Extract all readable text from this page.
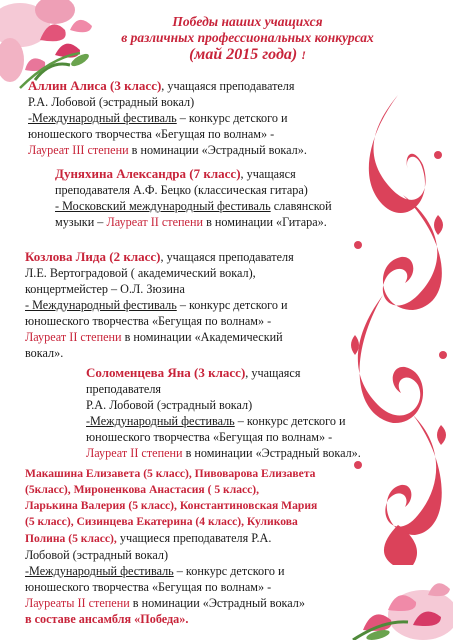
Победы наших учащихся
в различных профессиональных конкурсах
(май 2015 года) !
Аллин Алиса (3 класс), учащаяся преподавателя
Р.А. Лобовой (эстрадный вокал)
-Международный фестиваль – конкурс детского и
юношеского творчества «Бегущая по волнам» -
Лауреат III степени в номинации «Эстрадный вокал».
Дуняхина Александра (7 класс), учащаяся
преподавателя А.Ф. Бецко (классическая гитара)
- Московский международный фестиваль славянской
музыки – Лауреат II степени в номинации «Гитара».
Козлова Лида (2 класс), учащаяся преподавателя
Л.Е. Вертоградовой ( академический вокал),
концертмейстер – О.Л. Зюзина
- Международный фестиваль – конкурс детского и
юношеского творчества «Бегущая по волнам» -
Лауреат II степени в номинации «Академический
вокал».
Соломенцева Яна (3 класс), учащаяся
преподавателя
Р.А. Лобовой (эстрадный вокал)
-Международный фестиваль – конкурс детского и
юношеского творчества «Бегущая по волнам» -
Лауреат II степени в номинации «Эстрадный вокал».
Макашина Елизавета (5 класс), Пивоварова Елизавета
(5класс), Мироненкова Анастасия ( 5 класс),
Ларькина Валерия (5 класс), Константиновская Мария
(5 класс), Сизинцева Екатерина (4 класс), Куликова
Полина (5 класс), учащиеся преподавателя Р.А.
Лобовой (эстрадный вокал)
-Международный фестиваль – конкурс детского и
юношеского творчества «Бегущая по волнам» -
Лауреаты II степени в номинации «Эстрадный вокал»
в составе ансамбля «Победа».
